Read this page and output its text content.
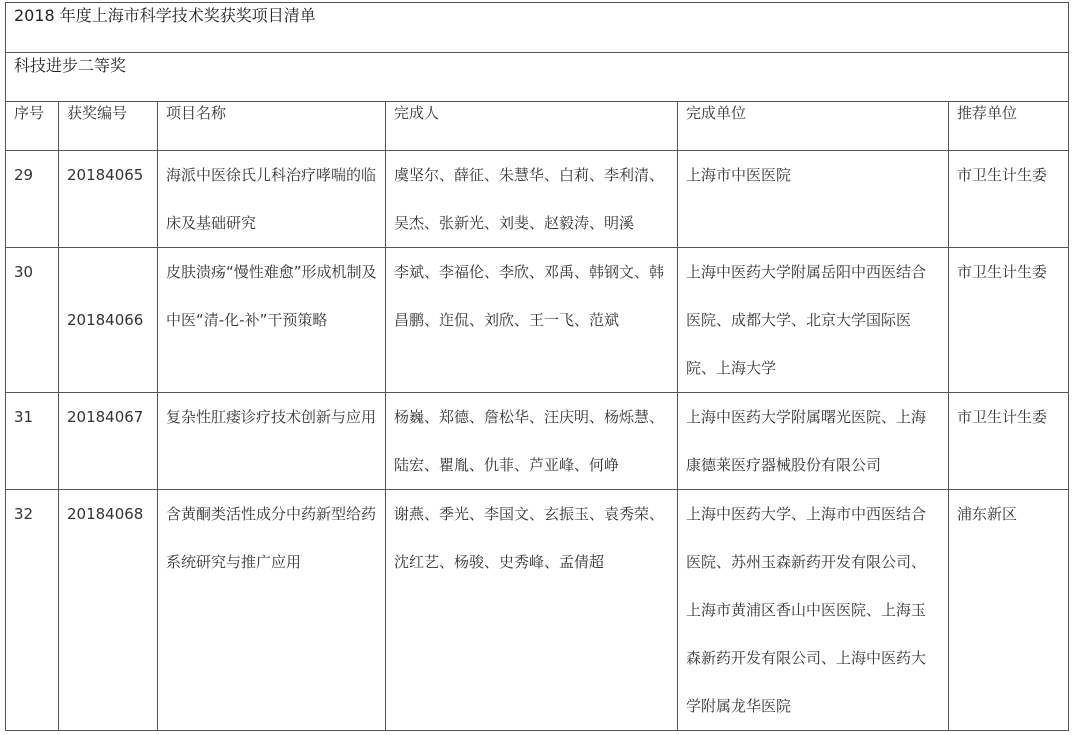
2018 年度上海市科学技术奖获奖项目清单					
科技进步二等奖					
序号	获奖编号	项目名称	完成人	完成单位	推荐单位
29	20184065	海派中医徐氏儿科治疗哮喘的临床及基础研究	虞坚尔、薛征、朱慧华、白莉、李利清、吴杰、张新光、刘斐、赵毅涛、明溪	上海市中医医院	市卫生计生委
30	20184066	皮肤溃疡“慢性难愈”形成机制及中医“清-化-补”干预策略	李斌、李福伦、李欣、邓禹、韩钢文、韩昌鹏、迮侃、刘欣、王一飞、范斌	上海中医药大学附属岳阳中西医结合医院、成都大学、北京大学国际医院、上海大学	市卫生计生委
31	20184067	复杂性肛瘘诊疗技术创新与应用	杨巍、郑德、詹松华、汪庆明、杨烁慧、陆宏、瞿胤、仇菲、芦亚峰、何峥	上海中医药大学附属曙光医院、上海康德莱医疗器械股份有限公司	市卫生计生委
32	20184068	含黄酮类活性成分中药新型给药系统研究与推广应用	谢燕、季光、李国文、玄振玉、袁秀荣、沈红艺、杨骏、史秀峰、孟倩超	上海中医药大学、上海市中西医结合医院、苏州玉森新药开发有限公司、上海市黄浦区香山中医医院、上海玉森新药开发有限公司、上海中医药大学附属龙华医院	浦东新区
